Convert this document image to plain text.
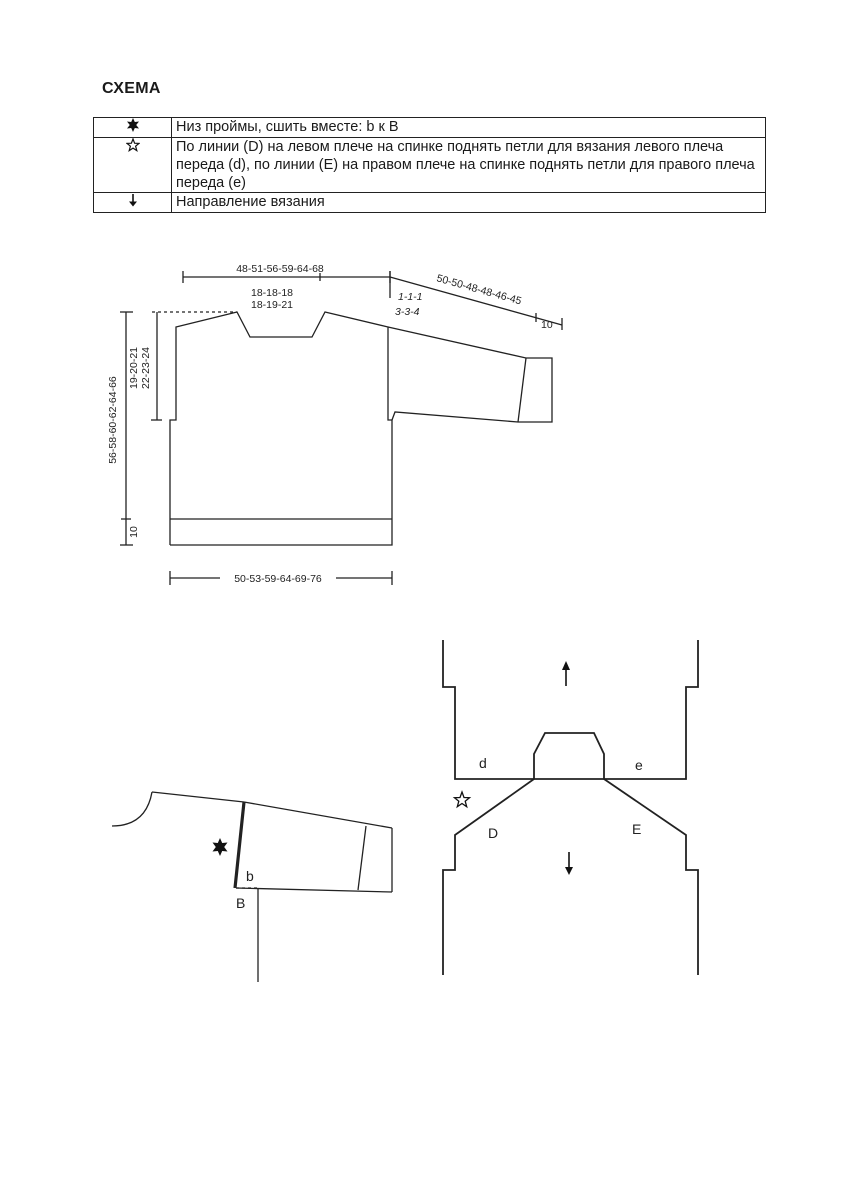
СХЕМА
	Низ проймы, сшить вместе: b к B
	По линии (D) на левом плече на спинке поднять петли для вязания левого плеча переда (d), по линии (E) на правом плече на спинке поднять петли для правого плеча переда (e)
	Направление вязания
48-51-56-59-64-68
18-18-18
18-19-21	50-50-48-48-46-45
1-1-1
3-3-4
10
19-20-21 22-23-24
56-58-60-62-64-66
10
50-53-59-64-69-76
b
B
d	e
D	E
